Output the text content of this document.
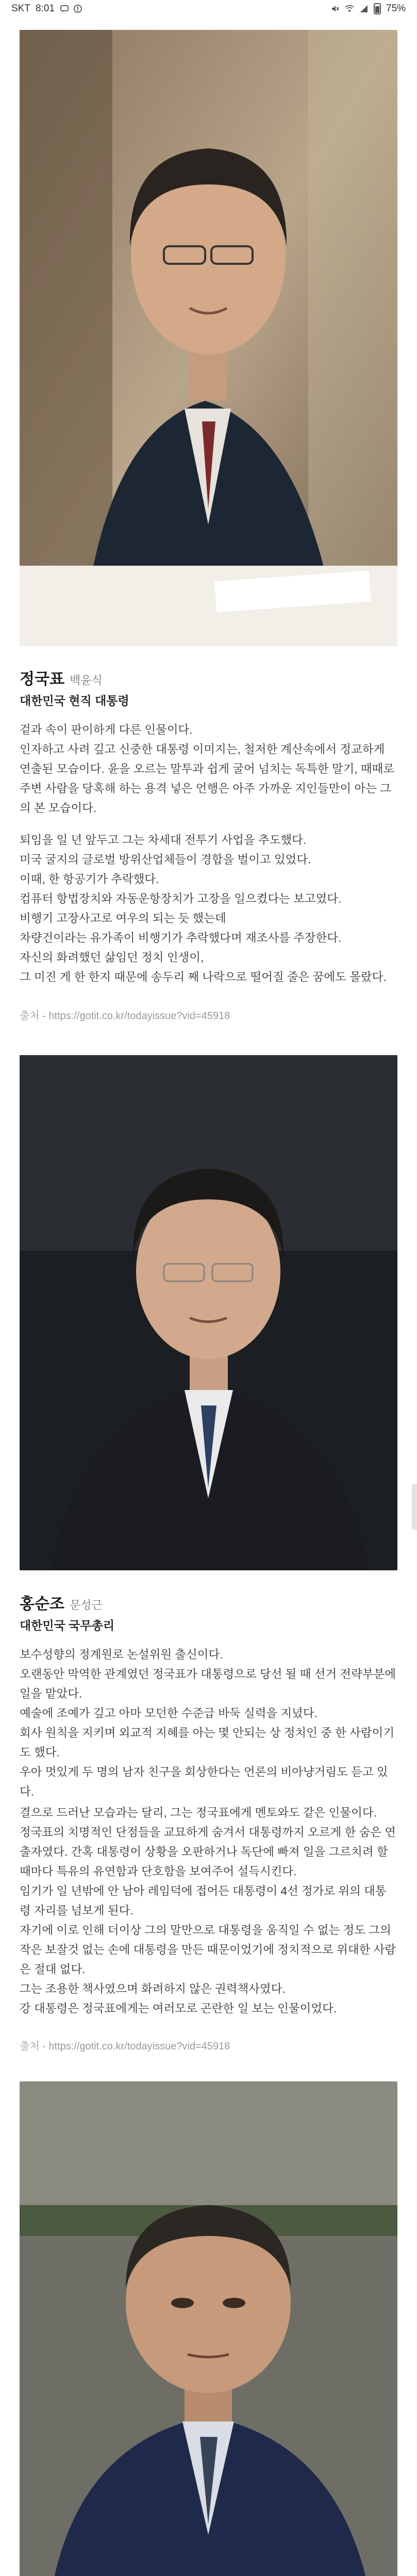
SKT 8:01	75%
정국표 백윤식
대한민국 현직 대통령

겉과 속이 판이하게 다른 인물이다.
인자하고 사려 깊고 신중한 대통령 이미지는, 철저한 계산속에서 정교하게 연출된 모습이다. 윤을 오르는 말투과 쉽게 굴어 넘치는 독특한 말기, 때때로 주변 사람을 당혹해 하는 용격 넣은 언행은 아주 가까운 지인들만이 아는 그의 본 모습이다.

퇴임을 일 년 앞두고 그는 차세대 전투기 사업을 추도했다.
미국 굴지의 글로벌 방위산업체들이 경합을 벌이고 있었다.
이때, 한 항공기가 추락했다.
컴퓨터 항법장치와 자동운항장치가 고장을 일으켰다는 보고였다.
비행기 고장사고로 여우의 되는 듯 했는데
차량건이라는 유가족이 비행기가 추락했다며 재조사를 주장한다.
자신의 화려했던 삶임던 정치 인생이,
그 미진 게 한 한지 때문에 송두리 째 나락으로 떨어질 줄은 꿈에도 몰랐다.

출처 - https://gotit.co.kr/todayissue?vid=45918

홍순조 문성근
대한민국 국무총리

보수성향의 정계원로 논설위원 출신이다.
오랜동안 막역한 관계였던 정국표가 대통령으로 당선 될 때 선거 전략부분에 일을 맡았다.
예술에 조예가 깊고 아마 모던한 수준급 바둑 실력을 지녔다.
회사 원칙을 지키며 외교적 지혜를 아는 몇 안되는 상 정치인 중 한 사람이기도 했다.
우아 멋있게 두 명의 남자 친구을 회상한다는 언론의 비아냥거림도 듣고 있다.

결으로 드러난 모습과는 달리, 그는 정국표에게 멘토와도 같은 인물이다.
정국표의 치명적인 단점들을 교묘하게 숨겨서 대통령까지 오르게 한 숨은 연출자였다. 간혹 대통령이 상황을 오판하거나 독단에 빠져 일을 그르치려 할 때마다 특유의 유연함과 단호함을 보여주어 설득시킨다.
임기가 일 년밖에 안 남아 레임덕에 접어든 대통령이 4선 정가로 위의 대통령 자리를 넘보게 된다.
자기에 이로 인해 더이상 그의 말만으로 대통령을 움직일 수 없는 정도 그의 작은 보잘것 없는 손에 대통령을 만든 때문이었기에 정치적으로 위대한 사람은 절대 없다.
그는 조용한 책사였으며 화려하지 않은 권력책사였다.
강 대통령은 정국표에게는 여러모로 곤란한 일 보는 인물이었다.

출처 - https://gotit.co.kr/todayissue?vid=45918
